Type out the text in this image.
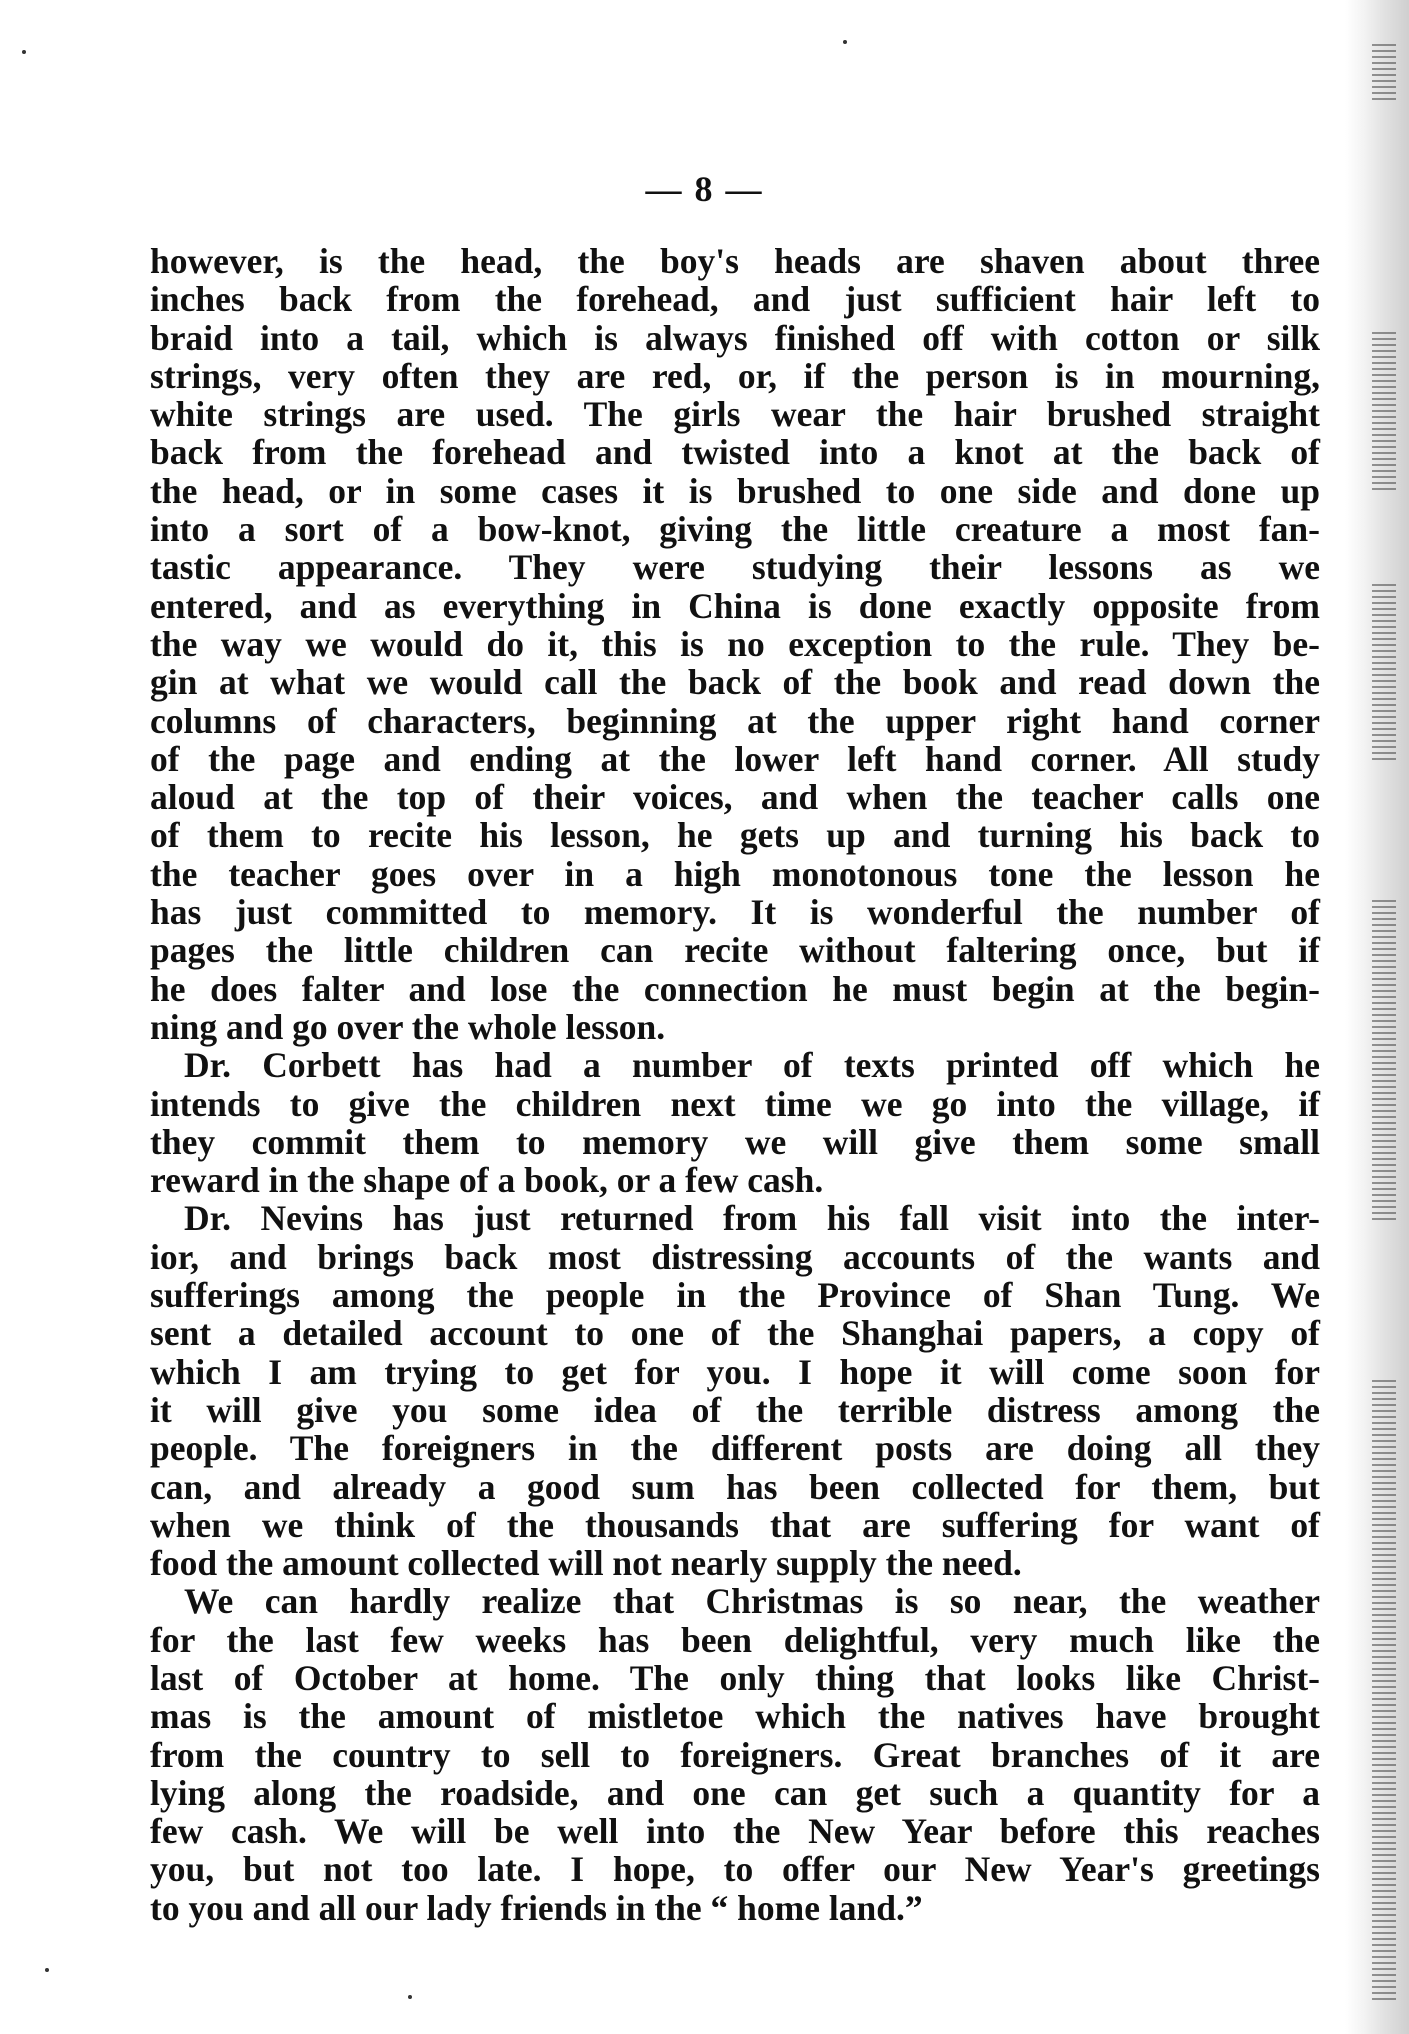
— 8 —
however, is the head, the boy's heads are shaven about three
inches back from the forehead, and just sufficient hair left to
braid into a tail, which is always finished off with cotton or silk
strings, very often they are red, or, if the person is in mourning,
white strings are used. The girls wear the hair brushed straight
back from the forehead and twisted into a knot at the back of
the head, or in some cases it is brushed to one side and done up
into a sort of a bow-knot, giving the little creature a most fan-
tastic appearance. They were studying their lessons as we
entered, and as everything in China is done exactly opposite from
the way we would do it, this is no exception to the rule. They be-
gin at what we would call the back of the book and read down the
columns of characters, beginning at the upper right hand corner
of the page and ending at the lower left hand corner. All study
aloud at the top of their voices, and when the teacher calls one
of them to recite his lesson, he gets up and turning his back to
the teacher goes over in a high monotonous tone the lesson he
has just committed to memory. It is wonderful the number of
pages the little children can recite without faltering once, but if
he does falter and lose the connection he must begin at the begin-
ning and go over the whole lesson.
Dr. Corbett has had a number of texts printed off which he
intends to give the children next time we go into the village, if
they commit them to memory we will give them some small
reward in the shape of a book, or a few cash.
Dr. Nevins has just returned from his fall visit into the inter-
ior, and brings back most distressing accounts of the wants and
sufferings among the people in the Province of Shan Tung. We
sent a detailed account to one of the Shanghai papers, a copy of
which I am trying to get for you. I hope it will come soon for
it will give you some idea of the terrible distress among the
people. The foreigners in the different posts are doing all they
can, and already a good sum has been collected for them, but
when we think of the thousands that are suffering for want of
food the amount collected will not nearly supply the need.
We can hardly realize that Christmas is so near, the weather
for the last few weeks has been delightful, very much like the
last of October at home. The only thing that looks like Christ-
mas is the amount of mistletoe which the natives have brought
from the country to sell to foreigners. Great branches of it are
lying along the roadside, and one can get such a quantity for a
few cash. We will be well into the New Year before this reaches
you, but not too late. I hope, to offer our New Year's greetings
to you and all our lady friends in the “ home land.”
